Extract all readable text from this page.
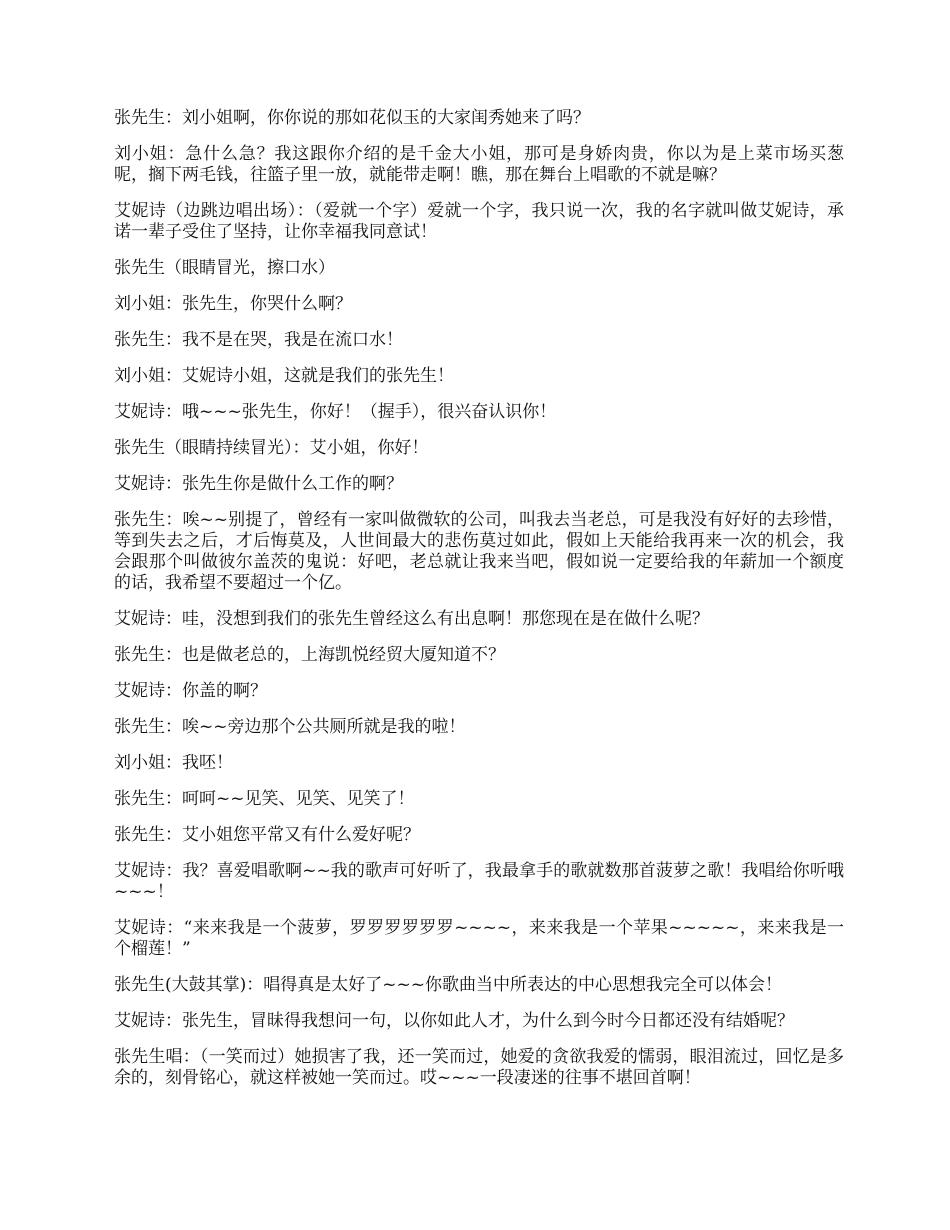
张先生：刘小姐啊，你你说的那如花似玉的大家闺秀她来了吗？

刘小姐：急什么急？我这跟你介绍的是千金大小姐，那可是身娇肉贵，你以为是上菜市场买葱呢，搁下两毛钱，往篮子里一放，就能带走啊！瞧，那在舞台上唱歌的不就是嘛？

艾妮诗（边跳边唱出场）：（爱就一个字）爱就一个字，我只说一次，我的名字就叫做艾妮诗，承诺一辈子受住了坚持，让你幸福我同意试！

张先生（眼睛冒光，擦口水）

刘小姐：张先生，你哭什么啊？

张先生：我不是在哭，我是在流口水！

刘小姐：艾妮诗小姐，这就是我们的张先生！

艾妮诗：哦~~~张先生，你好！（握手），很兴奋认识你！

张先生（眼睛持续冒光）：艾小姐，你好！

艾妮诗：张先生你是做什么工作的啊？

张先生：唉~~别提了，曾经有一家叫做微软的公司，叫我去当老总，可是我没有好好的去珍惜，等到失去之后，才后悔莫及，人世间最大的悲伤莫过如此，假如上天能给我再来一次的机会，我会跟那个叫做彼尔盖茨的鬼说：好吧，老总就让我来当吧，假如说一定要给我的年薪加一个额度的话，我希望不要超过一个亿。

艾妮诗：哇，没想到我们的张先生曾经这么有出息啊！那您现在是在做什么呢？

张先生：也是做老总的，上海凯悦经贸大厦知道不？

艾妮诗：你盖的啊？

张先生：唉~~旁边那个公共厕所就是我的啦！

刘小姐：我呸！

张先生：呵呵~~见笑、见笑、见笑了！

张先生：艾小姐您平常又有什么爱好呢？

艾妮诗：我？喜爱唱歌啊~~我的歌声可好听了，我最拿手的歌就数那首菠萝之歌！我唱给你听哦~~~！

艾妮诗：“来来我是一个菠萝，罗罗罗罗罗罗~~~~，来来我是一个苹果~~~~~，来来我是一个榴莲！”

张先生(大鼓其掌)：唱得真是太好了~~~你歌曲当中所表达的中心思想我完全可以体会！

艾妮诗：张先生，冒昧得我想问一句，以你如此人才，为什么到今时今日都还没有结婚呢？

张先生唱：（一笑而过）她损害了我，还一笑而过，她爱的贪欲我爱的懦弱，眼泪流过，回忆是多余的，刻骨铭心，就这样被她一笑而过。哎~~~一段凄迷的往事不堪回首啊！
